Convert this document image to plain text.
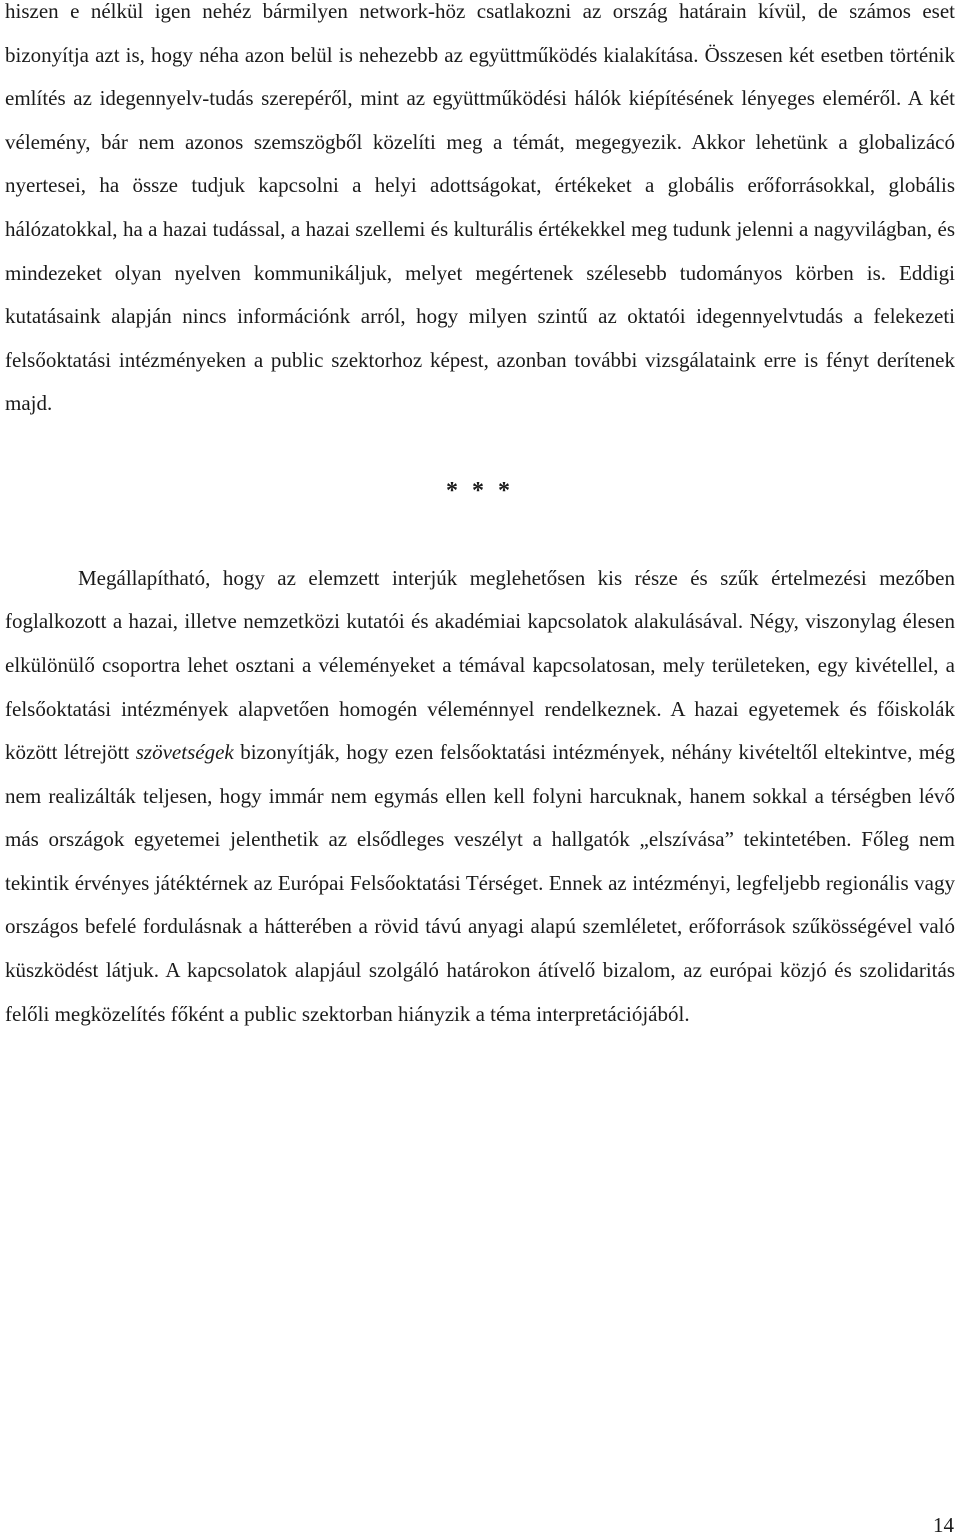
hiszen e nélkül igen nehéz bármilyen network-höz csatlakozni az ország határain kívül, de számos eset bizonyítja azt is, hogy néha azon belül is nehezebb az együttműködés kialakítása. Összesen két esetben történik említés az idegennyelv-tudás szerepéről, mint az együttműködési hálók kiépítésének lényeges eleméről. A két vélemény, bár nem azonos szemszögből közelíti meg a témát, megegyezik. Akkor lehetünk a globalizácó nyertesei, ha össze tudjuk kapcsolni a helyi adottságokat, értékeket a globális erőforrásokkal, globális hálózatokkal, ha a hazai tudással, a hazai szellemi és kulturális értékekkel meg tudunk jelenni a nagyvilágban, és mindezeket olyan nyelven kommunikáljuk, melyet megértenek szélesebb tudományos körben is. Eddigi kutatásaink alapján nincs információnk arról, hogy milyen szintű az oktatói idegennyelvtudás a felekezeti felsőoktatási intézményeken a public szektorhoz képest, azonban további vizsgálataink erre is fényt derítenek majd.

* * *

Megállapítható, hogy az elemzett interjúk meglehetősen kis része és szűk értelmezési mezőben foglalkozott a hazai, illetve nemzetközi kutatói és akadémiai kapcsolatok alakulásával. Négy, viszonylag élesen elkülönülő csoportra lehet osztani a véleményeket a témával kapcsolatosan, mely területeken, egy kivétellel, a felsőoktatási intézmények alapvetően homogén véleménnyel rendelkeznek. A hazai egyetemek és főiskolák között létrejött szövetségek bizonyítják, hogy ezen felsőoktatási intézmények, néhány kivételtől eltekintve, még nem realizálták teljesen, hogy immár nem egymás ellen kell folyni harcuknak, hanem sokkal a térségben lévő más országok egyetemei jelenthetik az elsődleges veszélyt a hallgatók „elszívása” tekintetében. Főleg nem tekintik érvényes játéktérnek az Európai Felsőoktatási Térséget. Ennek az intézményi, legfeljebb regionális vagy országos befelé fordulásnak a hátterében a rövid távú anyagi alapú szemléletet, erőforrások szűkösségével való küszködést látjuk. A kapcsolatok alapjául szolgáló határokon átívelő bizalom, az európai közjó és szolidaritás felőli megközelítés főként a public szektorban hiányzik a téma interpretációjából.

14
